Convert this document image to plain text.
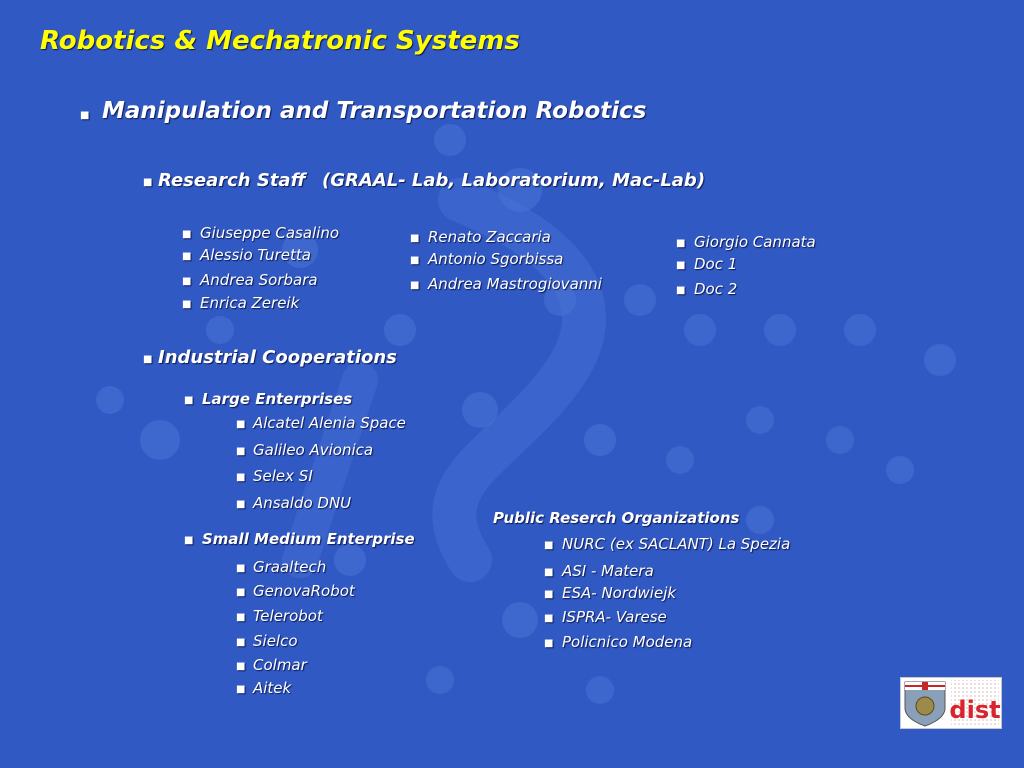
Robotics & Mechatronic Systems
■ Manipulation and Transportation Robotics
■ Research Staff (GRAAL- Lab, Laboratorium, Mac-Lab)
■ Giuseppe Casalino
■ Alessio Turetta
■ Andrea Sorbara
■ Enrica Zereik
■ Renato Zaccaria
■ Antonio Sgorbissa
■ Andrea Mastrogiovanni
■ Giorgio Cannata
■ Doc 1
■ Doc 2
■ Industrial Cooperations
■ Large Enterprises
■ Alcatel Alenia Space
■ Galileo Avionica
■ Selex SI
■ Ansaldo DNU
■ Small Medium Enterprise
■ Graaltech
■ GenovaRobot
■ Telerobot
■ Sielco
■ Colmar
■ Aitek
Public Reserch Organizations
■ NURC (ex SACLANT) La Spezia
■ ASI - Matera
■ ESA- Nordwiejk
■ ISPRA- Varese
■ Policnico Modena
dist
